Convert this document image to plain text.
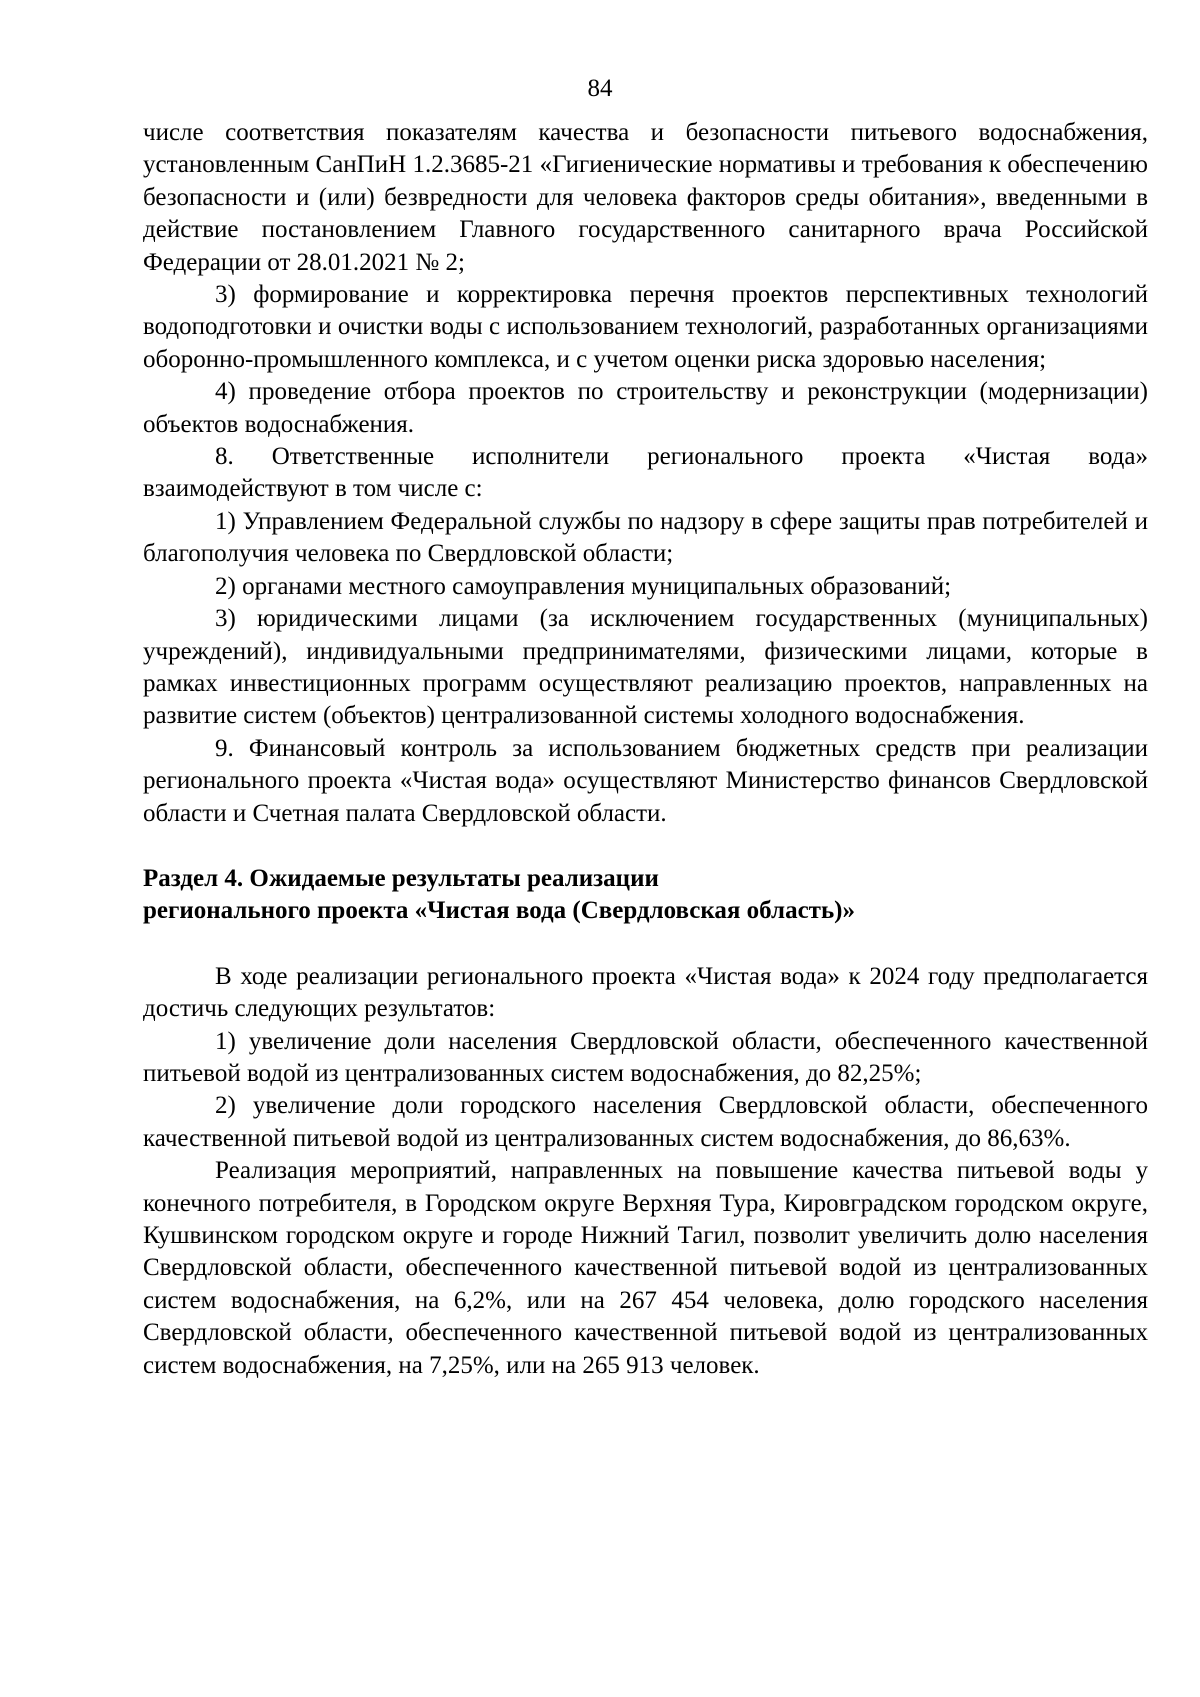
84

числе соответствия показателям качества и безопасности питьевого водоснабжения, установленным СанПиН 1.2.3685-21 «Гигиенические нормативы и требования к обеспечению безопасности и (или) безвредности для человека факторов среды обитания», введенными в действие постановлением Главного государственного санитарного врача Российской Федерации от 28.01.2021 № 2;

3) формирование и корректировка перечня проектов перспективных технологий водоподготовки и очистки воды с использованием технологий, разработанных организациями оборонно-промышленного комплекса, и с учетом оценки риска здоровью населения;

4) проведение отбора проектов по строительству и реконструкции (модернизации) объектов водоснабжения.

8. Ответственные исполнители регионального проекта «Чистая вода» взаимодействуют в том числе с:

1) Управлением Федеральной службы по надзору в сфере защиты прав потребителей и благополучия человека по Свердловской области;

2) органами местного самоуправления муниципальных образований;

3) юридическими лицами (за исключением государственных (муниципальных) учреждений), индивидуальными предпринимателями, физическими лицами, которые в рамках инвестиционных программ осуществляют реализацию проектов, направленных на развитие систем (объектов) централизованной системы холодного водоснабжения.

9. Финансовый контроль за использованием бюджетных средств при реализации регионального проекта «Чистая вода» осуществляют Министерство финансов Свердловской области и Счетная палата Свердловской области.

Раздел 4. Ожидаемые результаты реализации

регионального проекта «Чистая вода (Свердловская область)»

В ходе реализации регионального проекта «Чистая вода» к 2024 году предполагается достичь следующих результатов:

1) увеличение доли населения Свердловской области, обеспеченного качественной питьевой водой из централизованных систем водоснабжения, до 82,25%;

2) увеличение доли городского населения Свердловской области, обеспеченного качественной питьевой водой из централизованных систем водоснабжения, до 86,63%.

Реализация мероприятий, направленных на повышение качества питьевой воды у конечного потребителя, в Городском округе Верхняя Тура, Кировградском городском округе, Кушвинском городском округе и городе Нижний Тагил, позволит увеличить долю населения Свердловской области, обеспеченного качественной питьевой водой из централизованных систем водоснабжения, на 6,2%, или на 267 454 человека, долю городского населения Свердловской области, обеспеченного качественной питьевой водой из централизованных систем водоснабжения, на 7,25%, или на 265 913 человек.
